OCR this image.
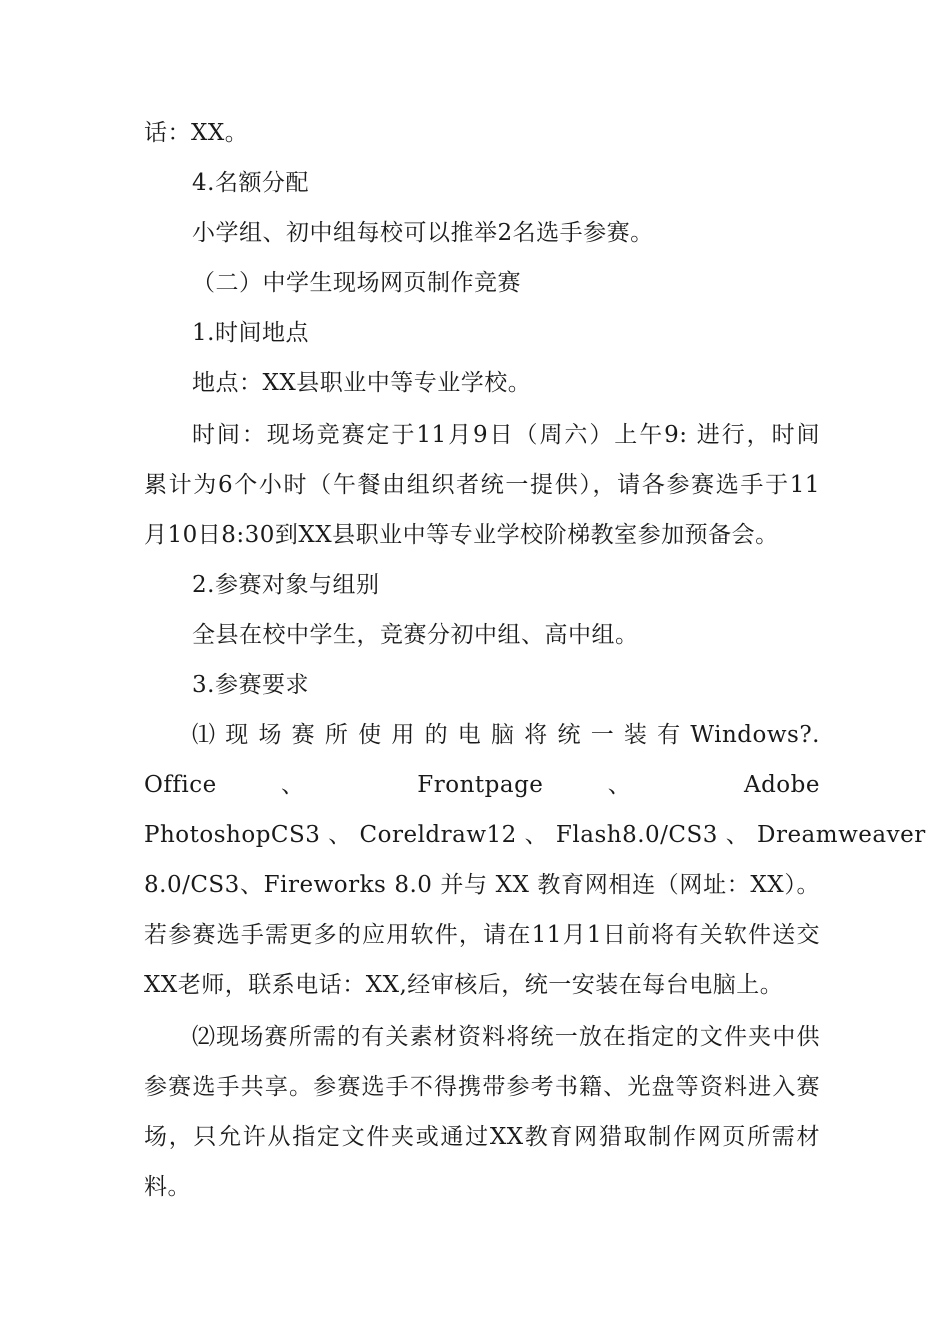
话：XX。
4.名额分配
小学组、初中组每校可以推举2名选手参赛。
（二）中学生现场网页制作竞赛
1.时间地点
地点：XX县职业中等专业学校。
时间：现场竞赛定于11月9日（周六）上午9: 进行，时间
累计为6个小时（午餐由组织者统一提供），请各参赛选手于11
月10日8:30到XX县职业中等专业学校阶梯教室参加预备会。
2.参赛对象与组别
全县在校中学生，竞赛分初中组、高中组。
3.参赛要求
⑴ 现 场 赛 所 使 用 的 电 脑 将 统 一 装 有 Windows?.
Office 、 Frontpage 、 Adobe
PhotoshopCS3 、 Coreldraw12 、 Flash8.0/CS3 、 Dreamweaver
8.0/CS3、Fireworks 8.0 并与 XX 教育网相连（网址：XX）。
若参赛选手需更多的应用软件，请在11月1日前将有关软件送交
XX老师，联系电话：XX,经审核后，统一安装在每台电脑上。
⑵现场赛所需的有关素材资料将统一放在指定的文件夹中供
参赛选手共享。参赛选手不得携带参考书籍、光盘等资料进入赛
场，只允许从指定文件夹或通过XX教育网猎取制作网页所需材
料。
